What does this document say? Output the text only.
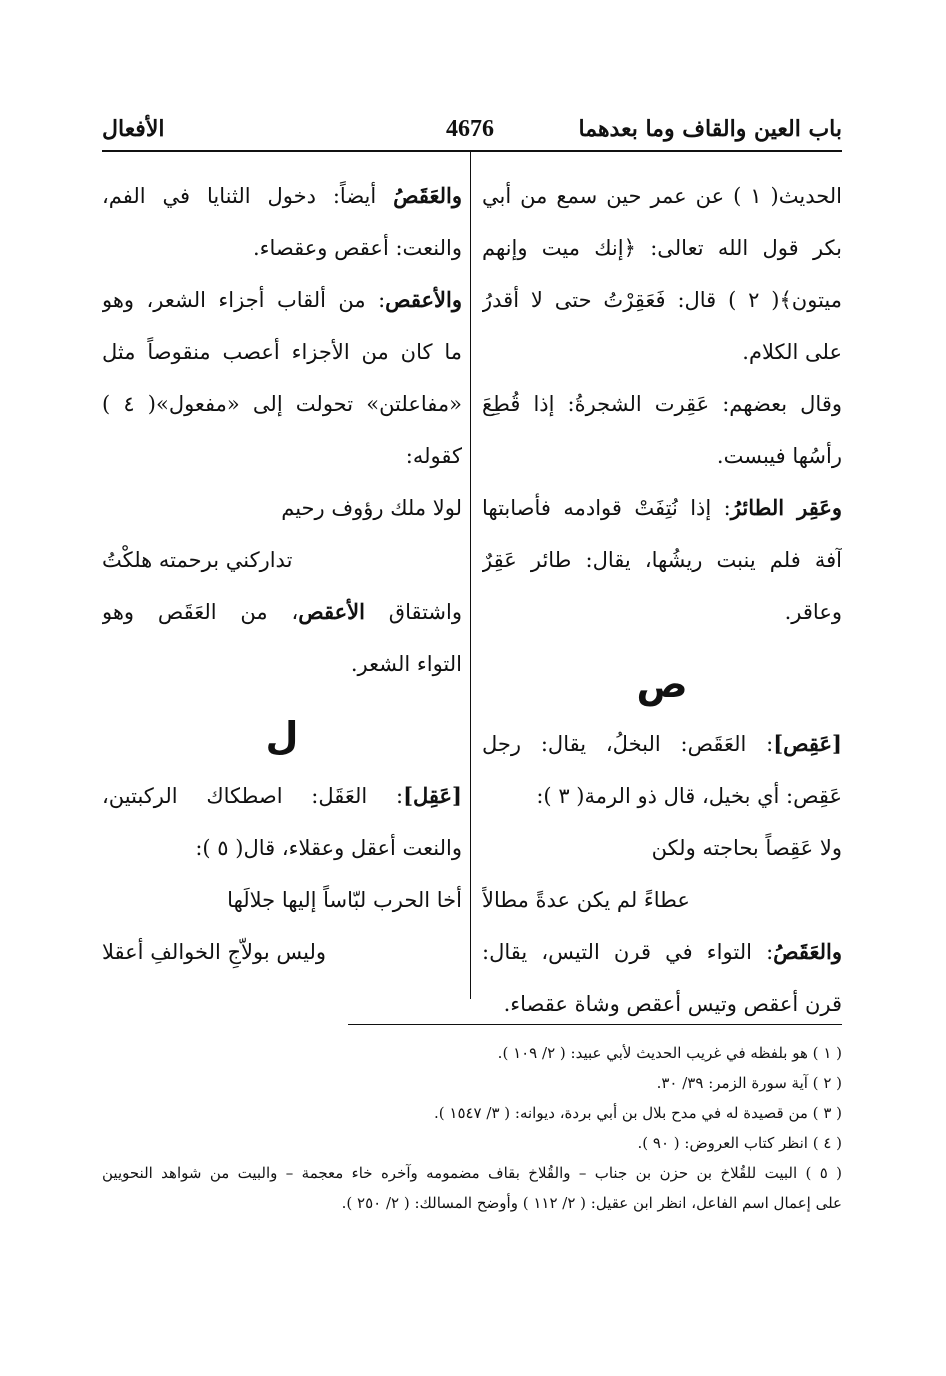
باب العين والقاف وما بعدهما
4676
الأفعال
الحديث( ١ ) عن عمر حين سمع من أبي
بكر قول الله تعالى: ﴿إنك ميت وإنهم
ميتون﴾( ٢ ) قال: فَعَقِرْتُ حتى لا أقدرُ
على الكلام.
وقال بعضهم: عَقِرت الشجرةُ: إذا قُطِعَ
رأسُها فيبست.
وعَقِر الطائرُ: إذا نُتِفَتْ قوادمه فأصابتها
آفة فلم ينبت ريشُها، يقال: طائر عَقِرٌ
وعاقر.
ص
[عَقِص]: العَقَص: البخلُ، يقال: رجل
عَقِص: أي بخيل، قال ذو الرمة( ٣ ):
ولا عَقِصاً بحاجته ولكن
عطاءً لم يكن عدةً مطالاً
والعَقَصُ: التواء في قرن التيس، يقال:
قرن أعقص وتيس أعقص وشاة عقصاء.
والعَقَصُ أيضاً: دخول الثنايا في الفم،
والنعت: أعقص وعقصاء.
والأعقص: من ألقاب أجزاء الشعر، وهو
ما كان من الأجزاء أعصب منقوصاً مثل
«مفاعلتن» تحولت إلى «مفعول»( ٤ )
كقوله:
لولا ملك رؤوف رحيم
تداركني برحمته هلكْتُ
واشتقاق الأعقص، من العَقَص وهو
التواء الشعر.
ل
[عَقِل]: العَقَل: اصطكاك الركبتين،
والنعت أعقل وعقلاء، قال( ٥ ):
أخا الحرب لبّاساً إليها جلالَها
وليس بولاّجِ الخوالفِ أعقلا
( ١ ) هو بلفظه في غريب الحديث لأبي عبيد: ( ٢/ ١٠٩ ).
( ٢ ) آية سورة الزمر: ٣٩/ ٣٠.
( ٣ ) من قصيدة له في مدح بلال بن أبي بردة، ديوانه: ( ٣/ ١٥٤٧ ).
( ٤ ) انظر كتاب العروض: ( ٩٠ ).
( ٥ ) البيت للقُلاخ بن حزن بن جناب – والقُلاخ بقاف مضمومه وآخره خاء معجمة – والبيت من شواهد النحويين
على إعمال اسم الفاعل، انظر ابن عقيل: ( ٢/ ١١٢ ) وأوضح المسالك: ( ٢/ ٢٥٠ ).
